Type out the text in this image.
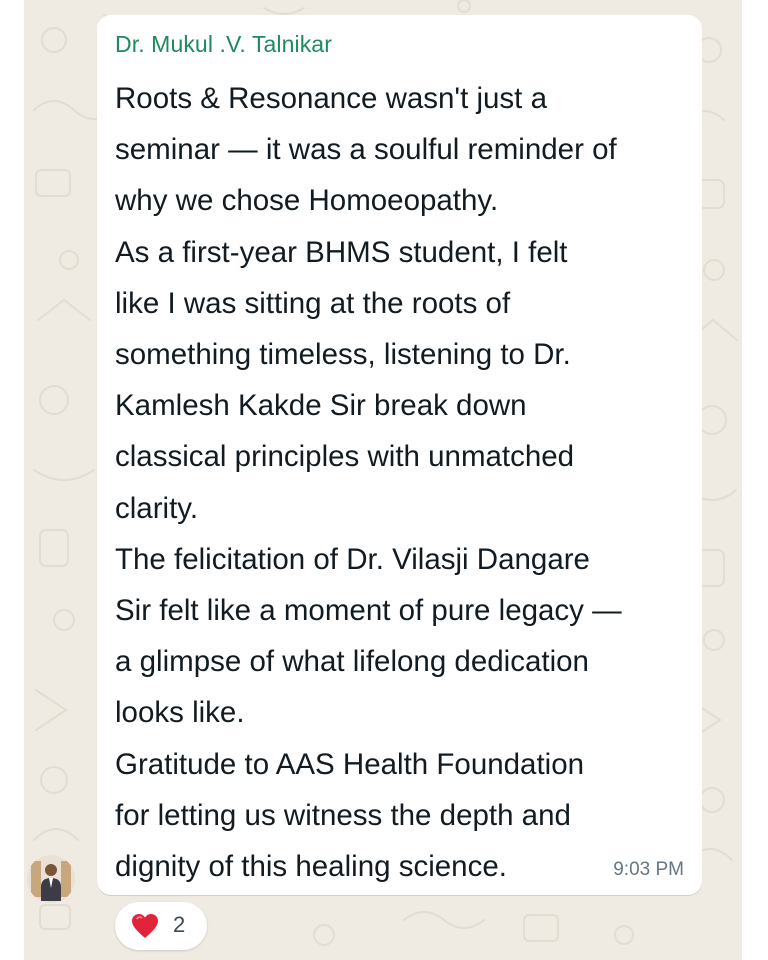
Dr. Mukul .V. Talnikar
Roots & Resonance wasn't just a
seminar — it was a soulful reminder of
why we chose Homoeopathy.
As a first-year BHMS student, I felt
like I was sitting at the roots of
something timeless, listening to Dr.
Kamlesh Kakde Sir break down
classical principles with unmatched
clarity.
The felicitation of Dr. Vilasji Dangare
Sir felt like a moment of pure legacy —
a glimpse of what lifelong dedication
looks like.
Gratitude to AAS Health Foundation
for letting us witness the depth and
dignity of this healing science.	9:03 PM
2
